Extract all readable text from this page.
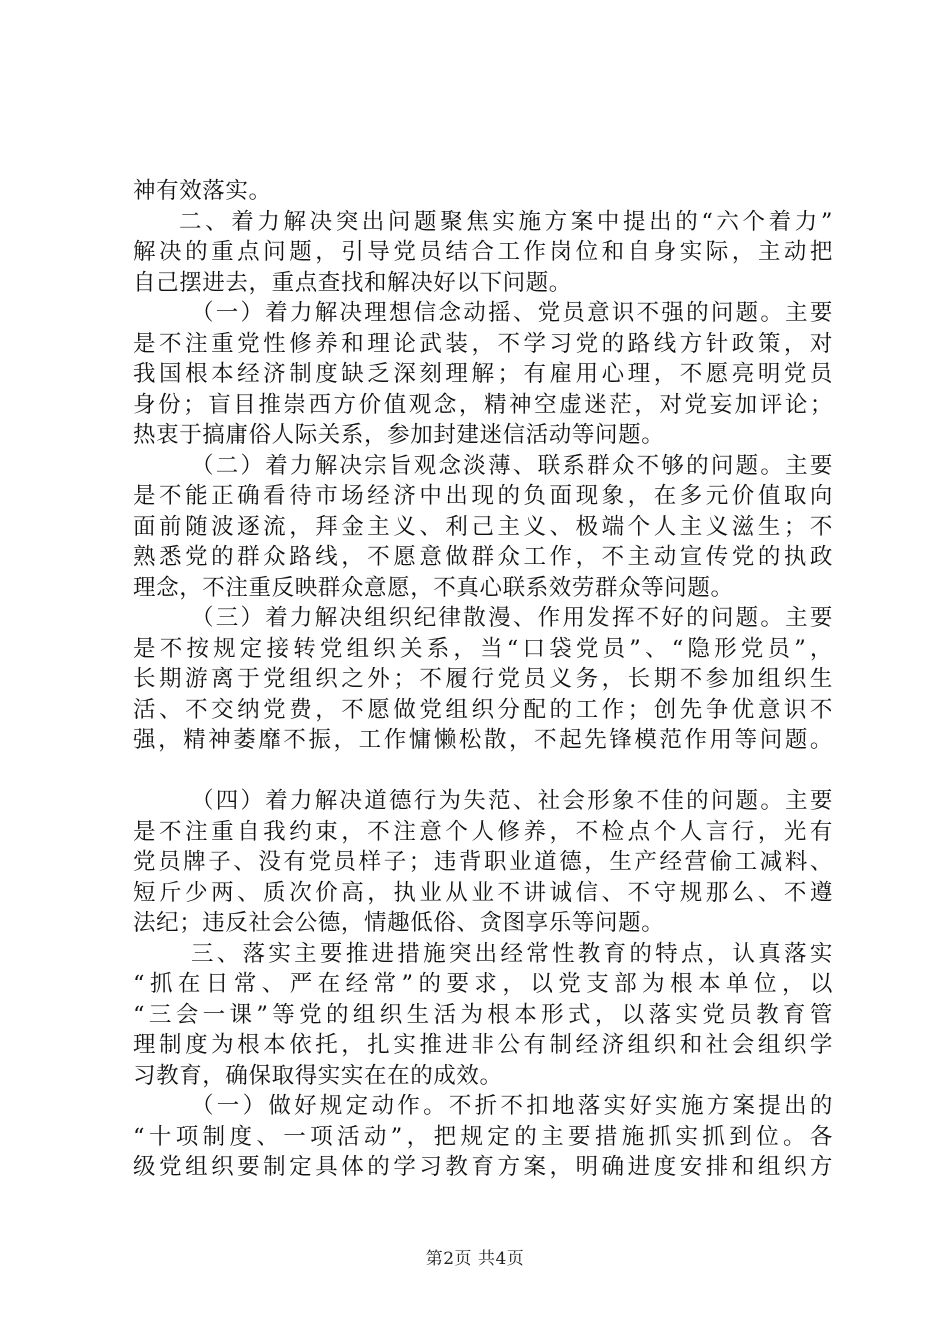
神有效落实。
二、着力解决突出问题聚焦实施方案中提出的“六个着力”
解决的重点问题，引导党员结合工作岗位和自身实际，主动把
自己摆进去，重点查找和解决好以下问题。
（一）着力解决理想信念动摇、党员意识不强的问题。主要
是不注重党性修养和理论武装，不学习党的路线方针政策，对
我国根本经济制度缺乏深刻理解；有雇用心理，不愿亮明党员
身份；盲目推崇西方价值观念，精神空虚迷茫，对党妄加评论；
热衷于搞庸俗人际关系，参加封建迷信活动等问题。
（二）着力解决宗旨观念淡薄、联系群众不够的问题。主要
是不能正确看待市场经济中出现的负面现象，在多元价值取向
面前随波逐流，拜金主义、利己主义、极端个人主义滋生；不
熟悉党的群众路线，不愿意做群众工作，不主动宣传党的执政
理念，不注重反映群众意愿，不真心联系效劳群众等问题。
（三）着力解决组织纪律散漫、作用发挥不好的问题。主要
是不按规定接转党组织关系，当“口袋党员”、“隐形党员”，
长期游离于党组织之外；不履行党员义务，长期不参加组织生
活、不交纳党费，不愿做党组织分配的工作；创先争优意识不
强，精神萎靡不振，工作慵懒松散，不起先锋模范作用等问题。
（四）着力解决道德行为失范、社会形象不佳的问题。主要
是不注重自我约束，不注意个人修养，不检点个人言行，光有
党员牌子、没有党员样子；违背职业道德，生产经营偷工减料、
短斤少两、质次价高，执业从业不讲诚信、不守规那么、不遵
法纪；违反社会公德，情趣低俗、贪图享乐等问题。
三、落实主要推进措施突出经常性教育的特点，认真落实
“抓在日常、严在经常”的要求，以党支部为根本单位，以
“三会一课”等党的组织生活为根本形式，以落实党员教育管
理制度为根本依托，扎实推进非公有制经济组织和社会组织学
习教育，确保取得实实在在的成效。
（一）做好规定动作。不折不扣地落实好实施方案提出的
“十项制度、一项活动”，把规定的主要措施抓实抓到位。各
级党组织要制定具体的学习教育方案，明确进度安排和组织方
第2页 共4页
